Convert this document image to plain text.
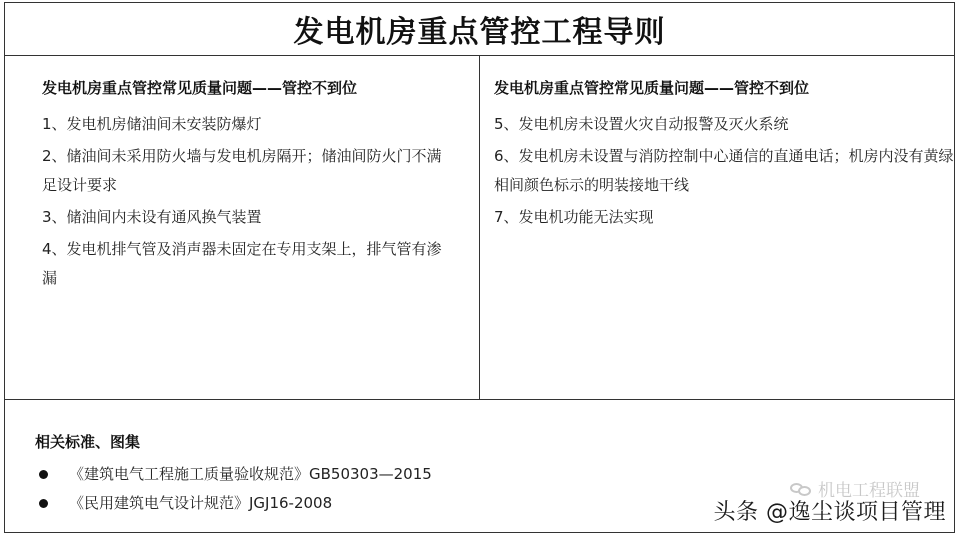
发电机房重点管控工程导则
发电机房重点管控常见质量问题——管控不到位
1、发电机房储油间未安装防爆灯
2、储油间未采用防火墙与发电机房隔开；储油间防火门不满足设计要求
3、储油间内未设有通风换气装置
4、发电机排气管及消声器未固定在专用支架上，排气管有渗漏
发电机房重点管控常见质量问题——管控不到位
5、发电机房未设置火灾自动报警及灭火系统
6、发电机房未设置与消防控制中心通信的直通电话；机房内没有黄绿相间颜色标示的明装接地干线
7、发电机功能无法实现
相关标准、图集
《建筑电气工程施工质量验收规范》GB50303—2015
《民用建筑电气设计规范》JGJ16-2008
机电工程联盟
头条 @逸尘谈项目管理
